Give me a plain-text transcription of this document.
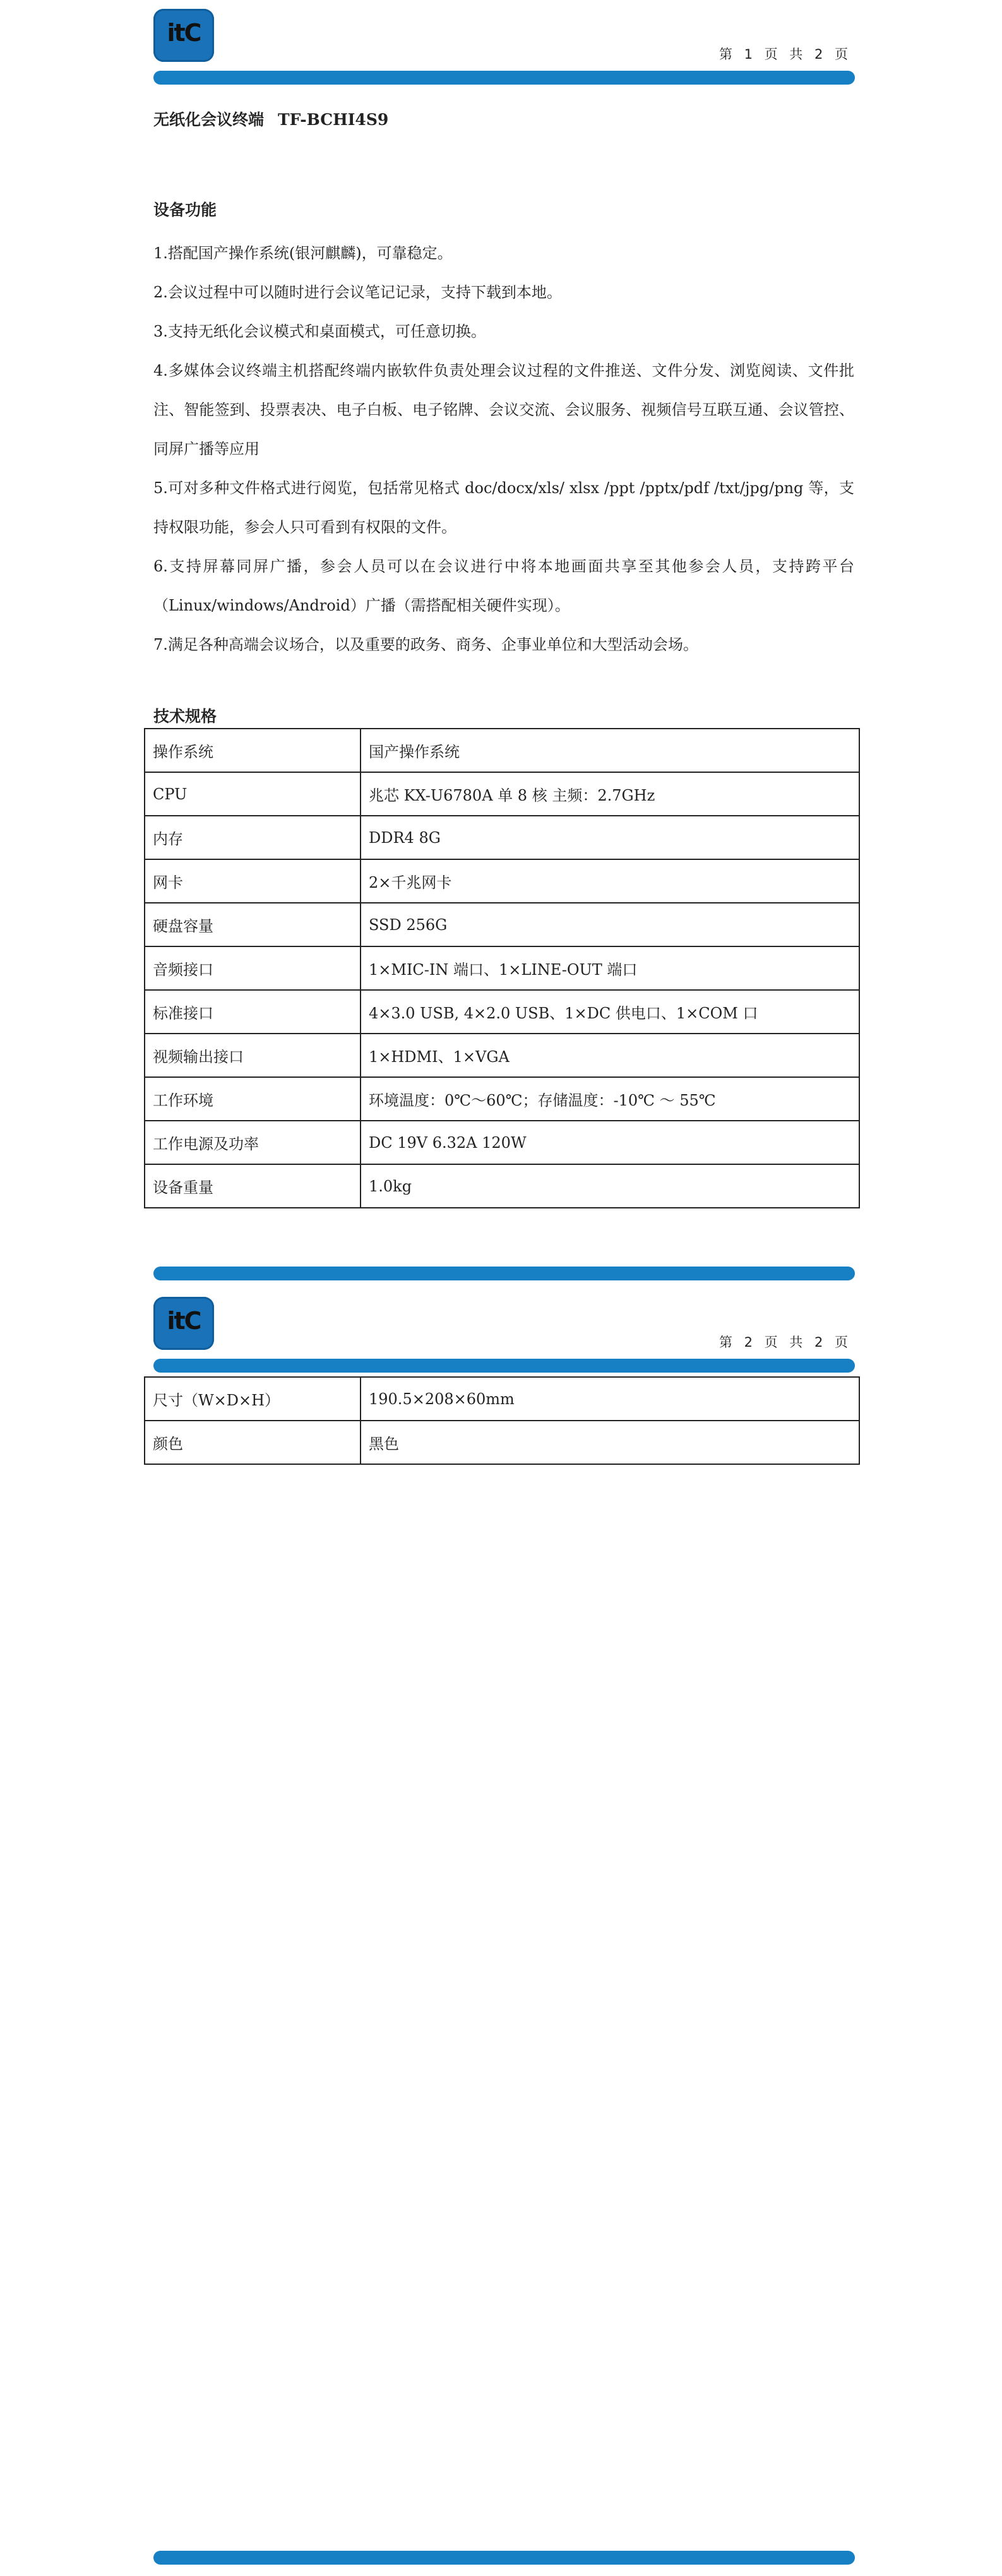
itC
第 1 页 共 2 页
无纸化会议终端 TF-BCHI4S9
设备功能

1.搭配国产操作系统(银河麒麟)，可靠稳定。

2.会议过程中可以随时进行会议笔记记录，支持下载到本地。

3.支持无纸化会议模式和桌面模式，可任意切换。

4.多媒体会议终端主机搭配终端内嵌软件负责处理会议过程的文件推送、文件分发、浏览阅读、文件批注、智能签到、投票表决、电子白板、电子铭牌、会议交流、会议服务、视频信号互联互通、会议管控、同屏广播等应用

5.可对多种文件格式进行阅览，包括常见格式 doc/docx/xls/ xlsx /ppt /pptx/pdf /txt/jpg/png 等，支持权限功能，参会人只可看到有权限的文件。

6.支持屏幕同屏广播，参会人员可以在会议进行中将本地画面共享至其他参会人员，支持跨平台（Linux/windows/Android）广播（需搭配相关硬件实现）。

7.满足各种高端会议场合，以及重要的政务、商务、企事业单位和大型活动会场。

技术规格
操作系统	国产操作系统
CPU	兆芯 KX-U6780A 单 8 核 主频：2.7GHz
内存	DDR4 8G
网卡	2×千兆网卡
硬盘容量	SSD 256G
音频接口	1×MIC-IN 端口、1×LINE-OUT 端口
标准接口	4×3.0 USB, 4×2.0 USB、1×DC 供电口、1×COM 口
视频输出接口	1×HDMI、1×VGA
工作环境	环境温度：0℃～60℃；存储温度：-10℃ ～ 55℃
工作电源及功率	DC 19V 6.32A 120W
设备重量	1.0kg
itC
第 2 页 共 2 页
尺寸（W×D×H）	190.5×208×60mm
颜色	黑色
